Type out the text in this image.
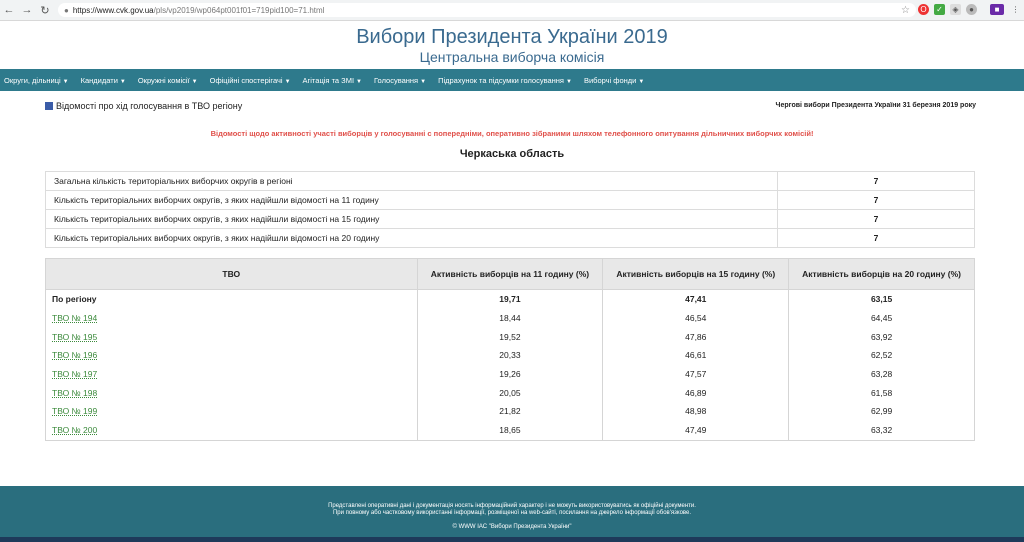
← → ↻	● https://www.cvk.gov.ua /pls/vp2019/wp064pt001f01=719pid100=71.html	☆ O ✓	◈	●	■	⋮
Вибори Президента України 2019
Центральна виборча комісія
Округи, дільниці ▼	Кандидати ▼	Окружні комісії ▼	Офіційні спостерігачі ▼	Агітація та ЗМІ ▼	Голосування ▼	Підрахунок та підсумки голосування ▼	Виборчі фонди ▼
Відомості про хід голосування в ТВО регіону	Чергові вибори Президента України 31 березня 2019 року
Відомості щодо активності участі виборців у голосуванні с попередніми, оперативно зібраними шляхом телефонного опитування дільничних виборчих комісій!
Черкаська область
Загальна кількість територіальних виборчих округів в регіоні	7
Кількість територіальних виборчих округів, з яких надійшли відомості на 11 годину	7
Кількість територіальних виборчих округів, з яких надійшли відомості на 15 годину	7
Кількість територіальних виборчих округів, з яких надійшли відомості на 20 годину	7
ТВО	Активність виборців на 11 годину (%)	Активність виборців на 15 годину (%)	Активність виборців на 20 годину (%)
По регіону	19,71	47,41	63,15
ТВО № 194	18,44	46,54	64,45
ТВО № 195	19,52	47,86	63,92
ТВО № 196	20,33	46,61	62,52
ТВО № 197	19,26	47,57	63,28
ТВО № 198	20,05	46,89	61,58
ТВО № 199	21,82	48,98	62,99
ТВО № 200	18,65	47,49	63,32
Представлені оперативні дані і документація носять інформаційний характер і не можуть використовуватись як офіційні документи.
При повному або частковому використанні інформації, розміщеної на web-сайті, посилання на джерело інформації обов'язкове.
© WWW ІАС "Вибори Президента України"
